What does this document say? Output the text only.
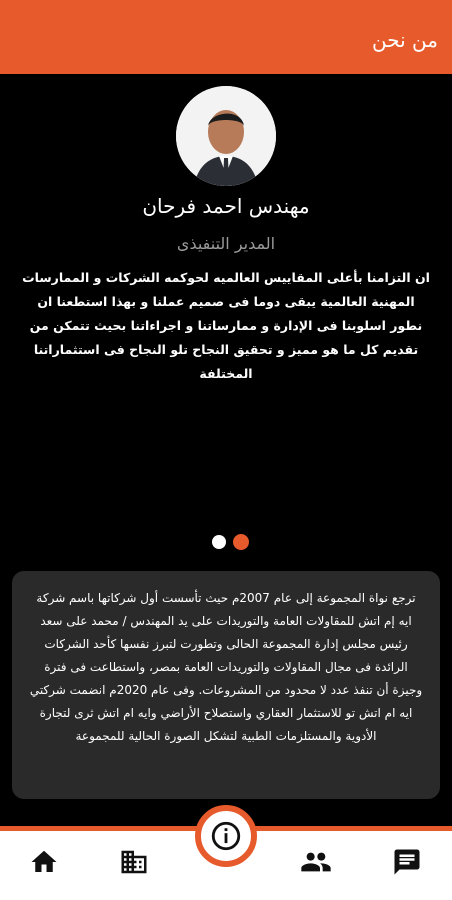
من نحن
مهندس احمد فرحان
المدير التنفيذى
ان التزامنا بأعلى المقاييس العالميه لحوكمه الشركات و الممارسات المهنية العالمية يبقى دوما فى صميم عملنا و بهذا استطعنا ان نطور اسلوبنا فى الإدارة و ممارساتنا و اجراءاتنا بحيث تتمكن من تقديم كل ما هو مميز و تحقيق النجاح تلو النجاح فى استثماراتنا المختلفة
ترجع نواة المجموعة إلى عام 2007م حيث تأسست أول شركاتها باسم شركة ايه إم اتش للمقاولات العامة والتوريدات على يد المهندس / محمد على سعد رئيس مجلس إدارة المجموعة الحالى وتطورت لتبرز نفسها كأحد الشركات الرائدة فى مجال المقاولات والتوريدات العامة بمصر، واستطاعت فى فترة وجيزة أن تنفذ عدد لا محدود من المشروعات. وفى عام 2020م انضمت شركتي ايه ام اتش تو للاستثمار العقاري واستصلاح الأراضي وايه ام اتش ثرى لتجارة الأدوية والمستلزمات الطبية لتشكل الصورة الحالية للمجموعة
